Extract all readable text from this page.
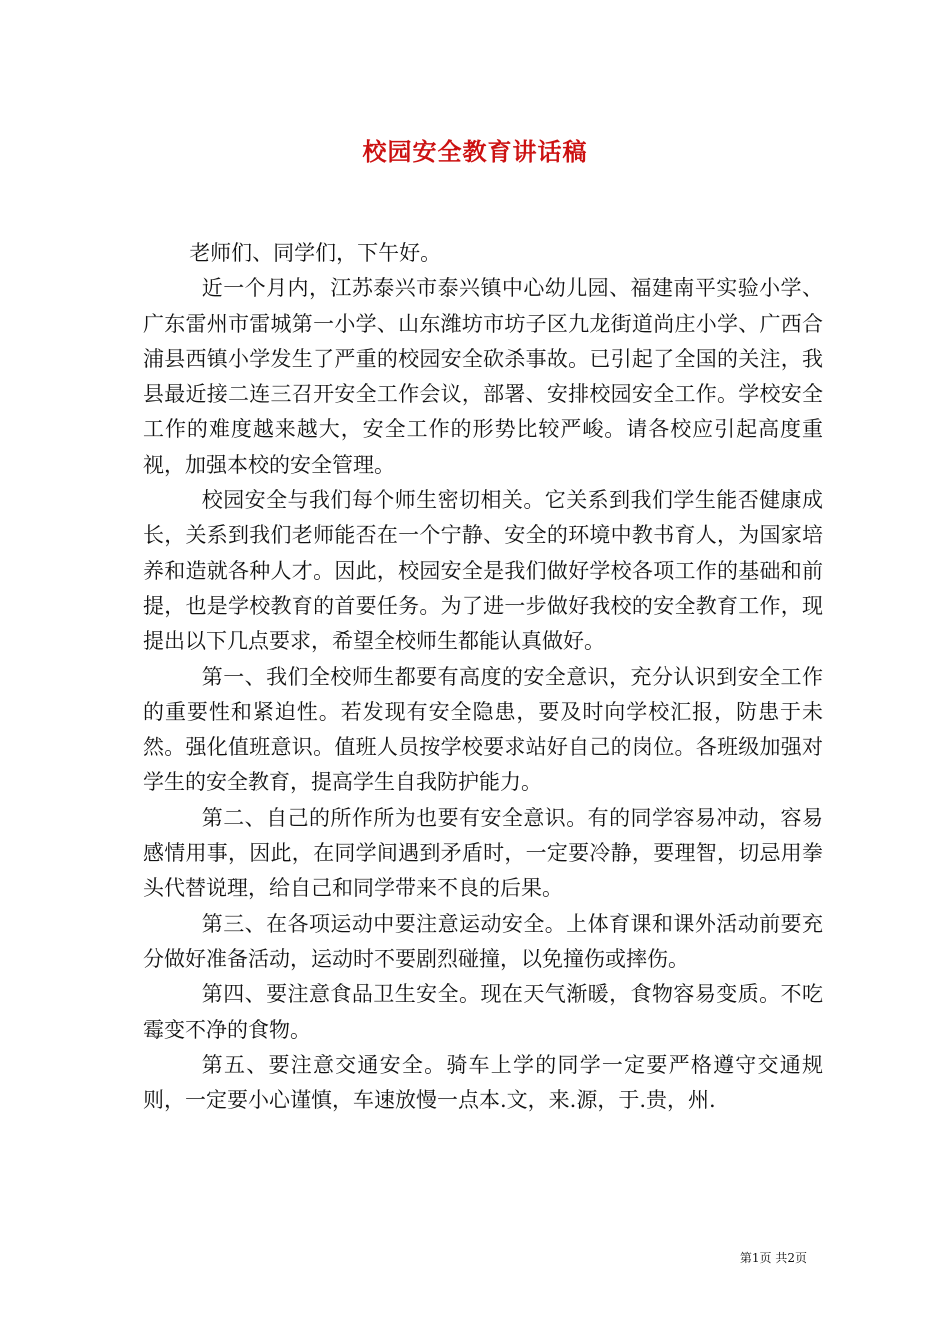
校园安全教育讲话稿

老师们、同学们，下午好。

近一个月内，江苏泰兴市泰兴镇中心幼儿园、福建南平实验小学、广东雷州市雷城第一小学、山东潍坊市坊子区九龙街道尚庄小学、广西合浦县西镇小学发生了严重的校园安全砍杀事故。已引起了全国的关注，我县最近接二连三召开安全工作会议，部署、安排校园安全工作。学校安全工作的难度越来越大，安全工作的形势比较严峻。请各校应引起高度重视，加强本校的安全管理。

校园安全与我们每个师生密切相关。它关系到我们学生能否健康成长，关系到我们老师能否在一个宁静、安全的环境中教书育人，为国家培养和造就各种人才。因此，校园安全是我们做好学校各项工作的基础和前提，也是学校教育的首要任务。为了进一步做好我校的安全教育工作，现提出以下几点要求，希望全校师生都能认真做好。

第一、我们全校师生都要有高度的安全意识，充分认识到安全工作的重要性和紧迫性。若发现有安全隐患，要及时向学校汇报，防患于未然。强化值班意识。值班人员按学校要求站好自己的岗位。各班级加强对学生的安全教育，提高学生自我防护能力。

第二、自己的所作所为也要有安全意识。有的同学容易冲动，容易感情用事，因此，在同学间遇到矛盾时，一定要冷静，要理智，切忌用拳头代替说理，给自己和同学带来不良的后果。

第三、在各项运动中要注意运动安全。上体育课和课外活动前要充分做好准备活动，运动时不要剧烈碰撞，以免撞伤或摔伤。

第四、要注意食品卫生安全。现在天气渐暖，食物容易变质。不吃霉变不净的食物。

第五、要注意交通安全。骑车上学的同学一定要严格遵守交通规则，一定要小心谨慎，车速放慢一点本.文，来.源，于.贵，州.

第1页 共2页
